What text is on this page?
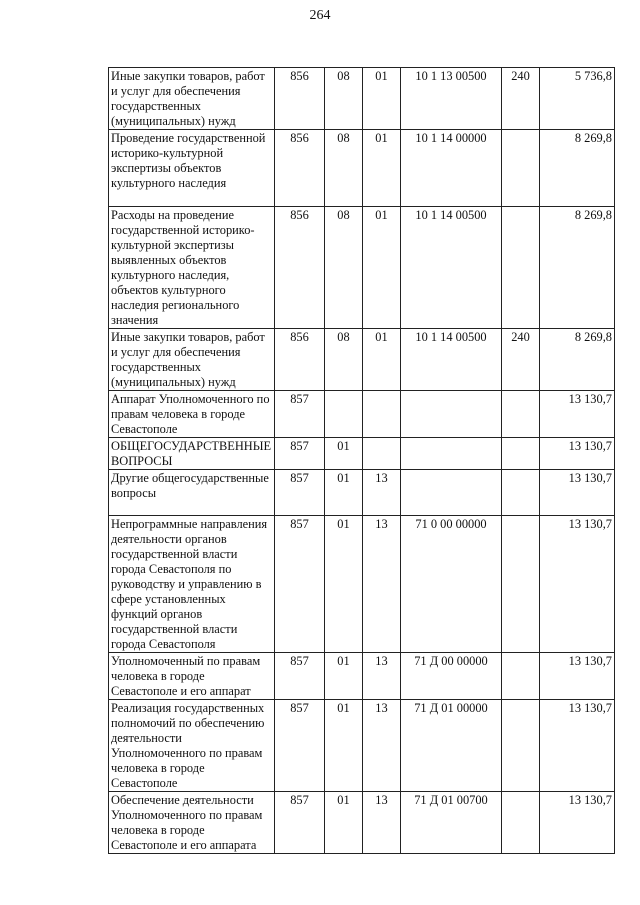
264
Иные закупки товаров, работ и услуг для обеспечения государственных (муниципальных) нужд	856	08	01	10 1 13 00500	240	5 736,8
Проведение государственной историко-культурной экспертизы объектов культурного наследия	856	08	01	10 1 14 00000		8 269,8
Расходы на проведение государственной историко-культурной экспертизы выявленных объектов культурного наследия, объектов культурного наследия регионального значения	856	08	01	10 1 14 00500		8 269,8
Иные закупки товаров, работ и услуг для обеспечения государственных (муниципальных) нужд	856	08	01	10 1 14 00500	240	8 269,8
Аппарат Уполномоченного по правам человека в городе Севастополе	857					13 130,7
ОБЩЕГОСУДАРСТВЕННЫЕ ВОПРОСЫ	857	01				13 130,7
Другие общегосударственные вопросы	857	01	13			13 130,7
Непрограммные направления деятельности органов государственной власти города Севастополя по руководству и управлению в сфере установленных функций органов государственной власти города Севастополя	857	01	13	71 0 00 00000		13 130,7
Уполномоченный по правам человека в городе Севастополе и его аппарат	857	01	13	71 Д 00 00000		13 130,7
Реализация государственных полномочий по обеспечению деятельности Уполномоченного по правам человека в городе Севастополе	857	01	13	71 Д 01 00000		13 130,7
Обеспечение деятельности Уполномоченного по правам человека в городе Севастополе и его аппарата	857	01	13	71 Д 01 00700		13 130,7
